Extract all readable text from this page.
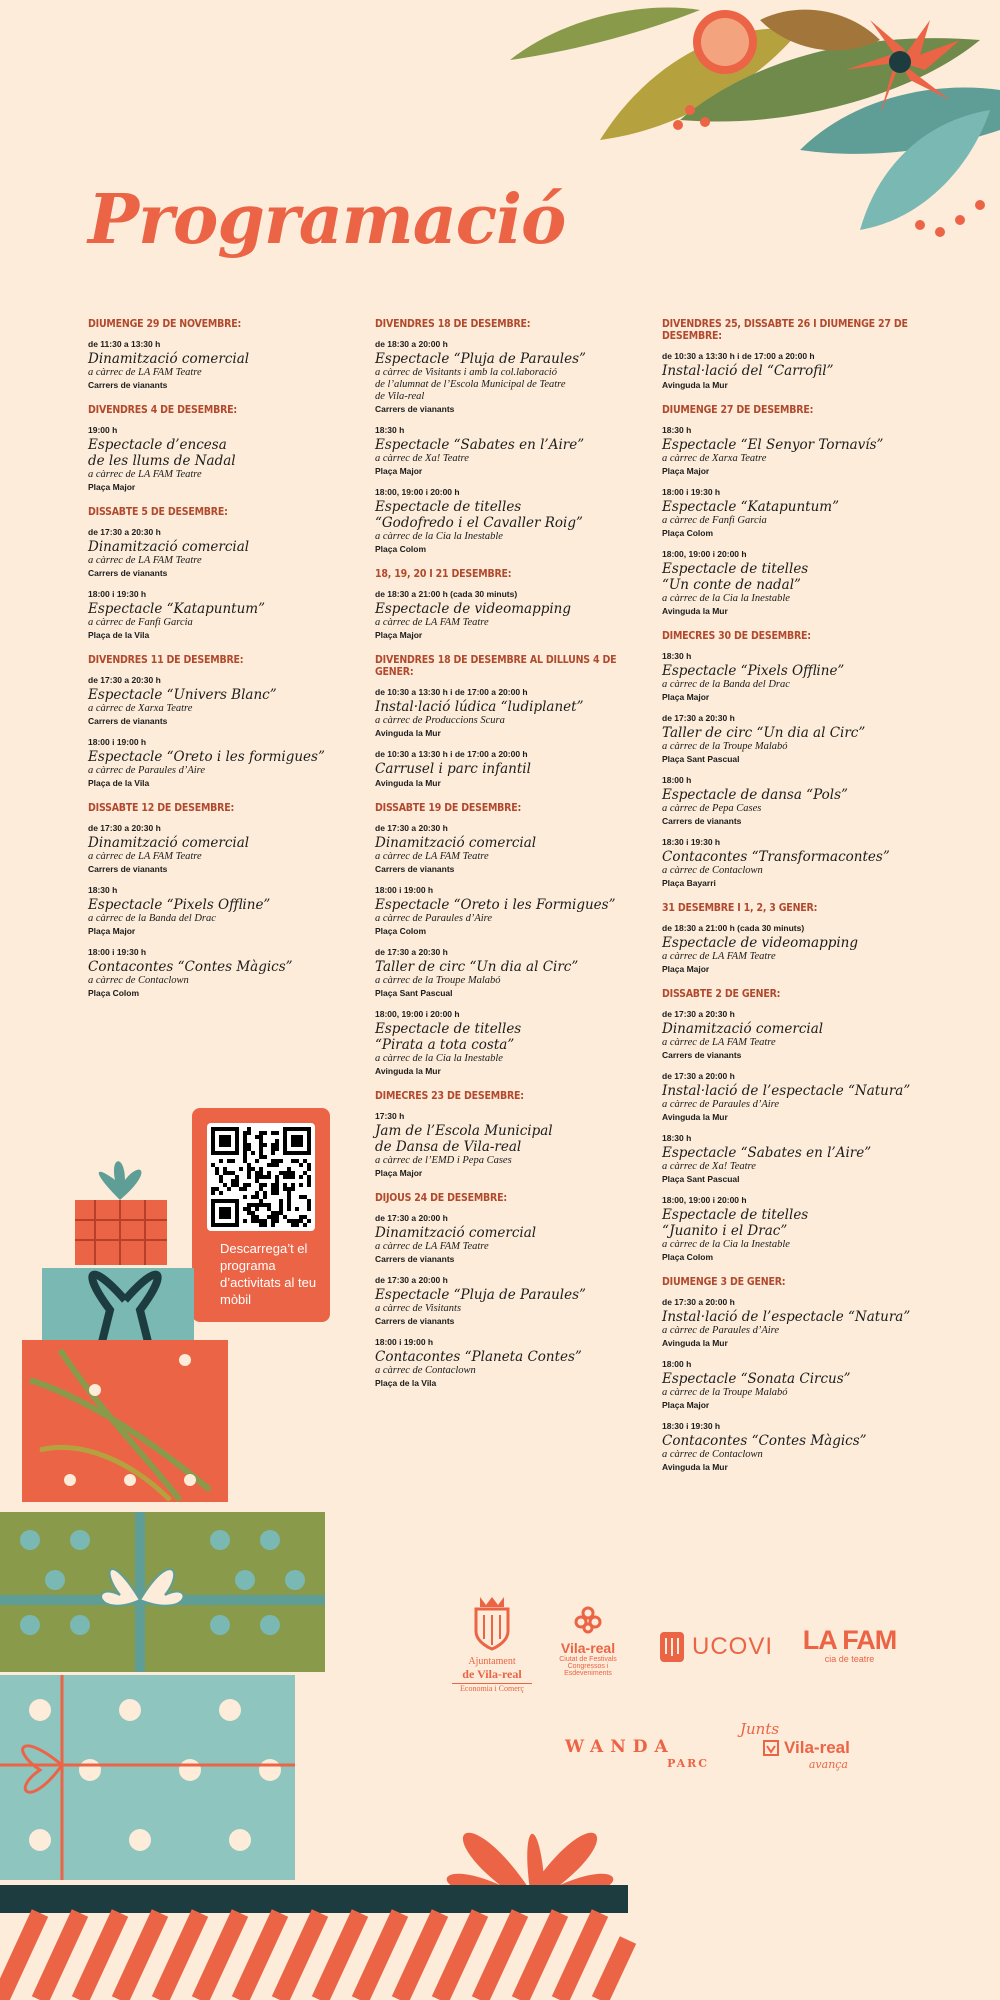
Programació
DIUMENGE 29 DE NOVEMBRE:
de 11:30 a 13:30 h
Dinamització comercial
a càrrec de LA FAM Teatre
Carrers de vianants
DIVENDRES 4 DE DESEMBRE:
19:00 h
Espectacle d’encesa
de les llums de Nadal
a càrrec de LA FAM Teatre
Plaça Major
DISSABTE 5 DE DESEMBRE:
de 17:30 a 20:30 h
Dinamització comercial
a càrrec de LA FAM Teatre
Carrers de vianants
18:00 i 19:30 h
Espectacle “Katapuntum”
a càrrec de Fanfi Garcia
Plaça de la Vila
DIVENDRES 11 DE DESEMBRE:
de 17:30 a 20:30 h
Espectacle “Univers Blanc”
a càrrec de Xarxa Teatre
Carrers de vianants
18:00 i 19:00 h
Espectacle “Oreto i les formigues”
a càrrec de Paraules d’Aire
Plaça de la Vila
DISSABTE 12 DE DESEMBRE:
de 17:30 a 20:30 h
Dinamització comercial
a càrrec de LA FAM Teatre
Carrers de vianants
18:30 h
Espectacle “Pixels Offline”
a càrrec de la Banda del Drac
Plaça Major
18:00 i 19:30 h
Contacontes “Contes Màgics”
a càrrec de Contaclown
Plaça Colom
DIVENDRES 18 DE DESEMBRE:
de 18:30 a 20:00 h
Espectacle “Pluja de Paraules”
a càrrec de Visitants i amb la col.laboració
de l’alumnat de l’Escola Municipal de Teatre
de Vila-real
Carrers de vianants
18:30 h
Espectacle “Sabates en l’Aire”
a càrrec de Xa! Teatre
Plaça Major
18:00, 19:00 i 20:00 h
Espectacle de titelles
“Godofredo i el Cavaller Roig”
a càrrec de la Cia la Inestable
Plaça Colom
18, 19, 20 I 21 DESEMBRE:
de 18:30 a 21:00 h (cada 30 minuts)
Espectacle de videomapping
a càrrec de LA FAM Teatre
Plaça Major
DIVENDRES 18 DE DESEMBRE AL DILLUNS 4 DE GENER:
de 10:30 a 13:30 h i de 17:00 a 20:00 h
Instal·lació lúdica “ludiplanet”
a càrrec de Produccions Scura
Avinguda la Mur
de 10:30 a 13:30 h i de 17:00 a 20:00 h
Carrusel i parc infantil
Avinguda la Mur
DISSABTE 19 DE DESEMBRE:
de 17:30 a 20:30 h
Dinamització comercial
a càrrec de LA FAM Teatre
Carrers de vianants
18:00 i 19:00 h
Espectacle “Oreto i les Formigues”
a càrrec de Paraules d’Aire
Plaça Colom
de 17:30 a 20:30 h
Taller de circ “Un dia al Circ”
a càrrec de la Troupe Malabó
Plaça Sant Pascual
18:00, 19:00 i 20:00 h
Espectacle de titelles
“Pirata a tota costa”
a càrrec de la Cia la Inestable
Avinguda la Mur
DIMECRES 23 DE DESEMBRE:
17:30 h
Jam de l’Escola Municipal
de Dansa de Vila-real
a càrrec de l’EMD i Pepa Cases
Plaça Major
DIJOUS 24 DE DESEMBRE:
de 17:30 a 20:00 h
Dinamització comercial
a càrrec de LA FAM Teatre
Carrers de vianants
de 17:30 a 20:00 h
Espectacle “Pluja de Paraules”
a càrrec de Visitants
Carrers de vianants
18:00 i 19:00 h
Contacontes “Planeta Contes”
a càrrec de Contaclown
Plaça de la Vila
DIVENDRES 25, DISSABTE 26 I DIUMENGE 27 DE DESEMBRE:
de 10:30 a 13:30 h i de 17:00 a 20:00 h
Instal·lació del “Carrofil”
Avinguda la Mur
DIUMENGE 27 DE DESEMBRE:
18:30 h
Espectacle “El Senyor Tornavís”
a càrrec de Xarxa Teatre
Plaça Major
18:00 i 19:30 h
Espectacle “Katapuntum”
a càrrec de Fanfi Garcia
Plaça Colom
18:00, 19:00 i 20:00 h
Espectacle de titelles
“Un conte de nadal”
a càrrec de la Cia la Inestable
Avinguda la Mur
DIMECRES 30 DE DESEMBRE:
18:30 h
Espectacle “Pixels Offline”
a càrrec de la Banda del Drac
Plaça Major
de 17:30 a 20:30 h
Taller de circ “Un dia al Circ”
a càrrec de la Troupe Malabó
Plaça Sant Pascual
18:00 h
Espectacle de dansa “Pols”
a càrrec de Pepa Cases
Carrers de vianants
18:30 i 19:30 h
Contacontes “Transformacontes”
a càrrec de Contaclown
Plaça Bayarri
31 DESEMBRE I 1, 2, 3 GENER:
de 18:30 a 21:00 h (cada 30 minuts)
Espectacle de videomapping
a càrrec de LA FAM Teatre
Plaça Major
DISSABTE 2 DE GENER:
de 17:30 a 20:30 h
Dinamització comercial
a càrrec de LA FAM Teatre
Carrers de vianants
de 17:30 a 20:00 h
Instal·lació de l’espectacle “Natura”
a càrrec de Paraules d’Aire
Avinguda la Mur
18:30 h
Espectacle “Sabates en l’Aire”
a càrrec de Xa! Teatre
Plaça Sant Pascual
18:00, 19:00 i 20:00 h
Espectacle de titelles
“Juanito i el Drac”
a càrrec de la Cia la Inestable
Plaça Colom
DIUMENGE 3 DE GENER:
de 17:30 a 20:00 h
Instal·lació de l’espectacle “Natura”
a càrrec de Paraules d’Aire
Avinguda la Mur
18:00 h
Espectacle “Sonata Circus”
a càrrec de la Troupe Malabó
Plaça Major
18:30 i 19:30 h
Contacontes “Contes Màgics”
a càrrec de Contaclown
Avinguda la Mur
Descarrega’t el programa d’activitats al teu mòbil
Ajuntament
de Vila-real
Economia i Comerç
Vila-real
Ciutat de Festivals
Congressos i
Esdeveniments
UCOVI LA FAM
cia de teatre
WANDA
PARC
Junts
Vila-real
avança
